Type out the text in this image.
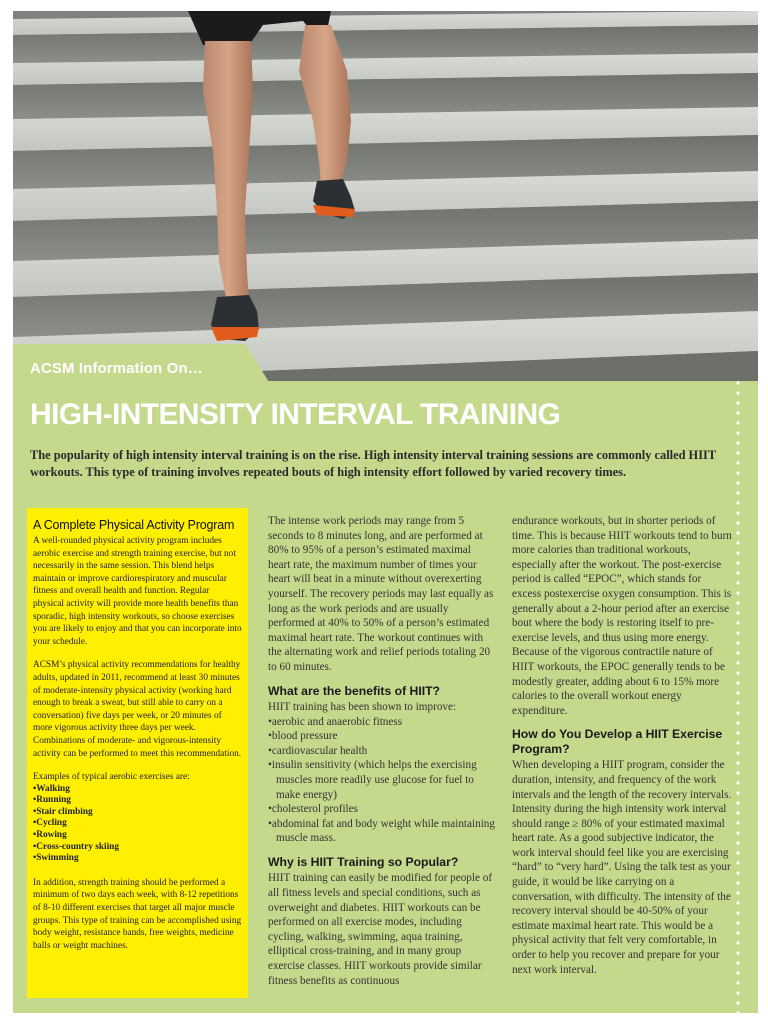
ACSM Information On…
HIGH-INTENSITY INTERVAL TRAINING

The popularity of high intensity interval training is on the rise. High intensity interval training sessions are commonly called HIIT workouts. This type of training involves repeated bouts of high intensity effort followed by varied recovery times.

A Complete Physical Activity Program

A well-rounded physical activity program includes aerobic exercise and strength training exercise, but not necessarily in the same session. This blend helps maintain or improve cardiorespiratory and muscular fitness and overall health and function. Regular physical activity will provide more health benefits than sporadic, high intensity workouts, so choose exercises you are likely to enjoy and that you can incorporate into your schedule.

ACSM’s physical activity recommendations for healthy adults, updated in 2011, recommend at least 30 minutes of moderate-intensity physical activity (working hard enough to break a sweat, but still able to carry on a conversation) five days per week, or 20 minutes of more vigorous activity three days per week. Combinations of moderate- and vigorous-intensity activity can be performed to meet this recommendation.

Examples of typical aerobic exercises are:

• Walking
• Running
• Stair climbing
• Cycling
• Rowing
• Cross-country skiing
• Swimming

In addition, strength training should be performed a minimum of two days each week, with 8-12 repetitions of 8-10 different exercises that target all major muscle groups. This type of training can be accomplished using body weight, resistance bands, free weights, medicine balls or weight machines.

The intense work periods may range from 5 seconds to 8 minutes long, and are performed at 80% to 95% of a person’s estimated maximal heart rate, the maximum number of times your heart will beat in a minute without overexerting yourself. The recovery periods may last equally as long as the work periods and are usually performed at 40% to 50% of a person’s estimated maximal heart rate. The workout continues with the alternating work and relief periods totaling 20 to 60 minutes.

What are the benefits of HIIT?
HIIT training has been shown to improve:
• aerobic and anaerobic fitness
• blood pressure
• cardiovascular health
• insulin sensitivity (which helps the exercising muscles more readily use glucose for fuel to make energy)
• cholesterol profiles
• abdominal fat and body weight while maintaining muscle mass.
Why is HIIT Training so Popular?

HIIT training can easily be modified for people of all fitness levels and special conditions, such as overweight and diabetes. HIIT workouts can be performed on all exercise modes, including cycling, walking, swimming, aqua training, elliptical cross-training, and in many group exercise classes. HIIT workouts provide similar fitness benefits as continuous

endurance workouts, but in shorter periods of time. This is because HIIT workouts tend to burn more calories than traditional workouts, especially after the workout. The post-exercise period is called “EPOC”, which stands for excess postexercise oxygen consumption. This is generally about a 2-hour period after an exercise bout where the body is restoring itself to pre-exercise levels, and thus using more energy. Because of the vigorous contractile nature of HIIT workouts, the EPOC generally tends to be modestly greater, adding about 6 to 15% more calories to the overall workout energy expenditure.

How do You Develop a HIIT Exercise Program?

When developing a HIIT program, consider the duration, intensity, and frequency of the work intervals and the length of the recovery intervals. Intensity during the high intensity work interval should range ≥ 80% of your estimated maximal heart rate. As a good subjective indicator, the work interval should feel like you are exercising “hard” to “very hard”. Using the talk test as your guide, it would be like carrying on a conversation, with difficulty. The intensity of the recovery interval should be 40-50% of your estimate maximal heart rate. This would be a physical activity that felt very comfortable, in order to help you recover and prepare for your next work interval.
